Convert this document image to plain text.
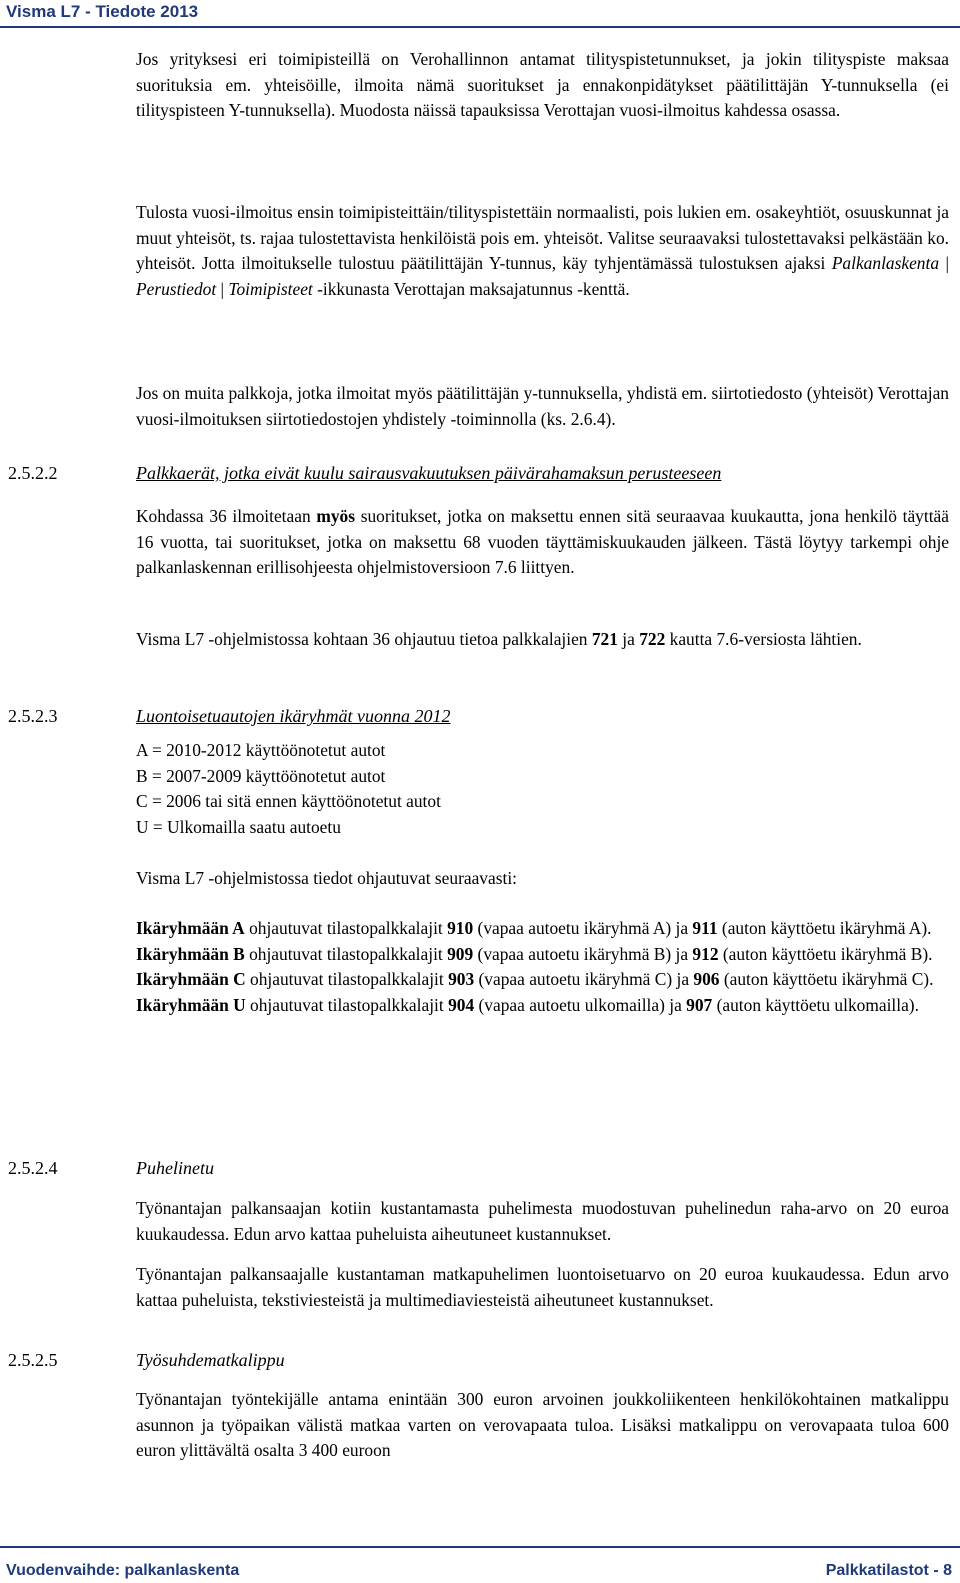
Visma L7 - Tiedote 2013
Jos yrityksesi eri toimipisteillä on Verohallinnon antamat tilityspistetunnukset, ja jokin tilityspiste maksaa suorituksia em. yhteisöille, ilmoita nämä suoritukset ja ennakonpidätykset päätilittäjän Y-tunnuksella (ei tilityspisteen Y-tunnuksella). Muodosta näissä tapauksissa Verottajan vuosi-ilmoitus kahdessa osassa.
Tulosta vuosi-ilmoitus ensin toimipisteittäin/tilityspistettäin normaalisti, pois lukien em. osakeyhtiöt, osuuskunnat ja muut yhteisöt, ts. rajaa tulostettavista henkilöistä pois em. yhteisöt. Valitse seuraavaksi tulostettavaksi pelkästään ko. yhteisöt. Jotta ilmoitukselle tulostuu päätilittäjän Y-tunnus, käy tyhjentämässä tulostuksen ajaksi Palkanlaskenta | Perustiedot | Toimipisteet -ikkunasta Verottajan maksajatunnus -kenttä.
Jos on muita palkkoja, jotka ilmoitat myös päätilittäjän y-tunnuksella, yhdistä em. siirtotiedosto (yhteisöt) Verottajan vuosi-ilmoituksen siirtotiedostojen yhdistely -toiminnolla (ks. 2.6.4).
2.5.2.2	Palkkaerät, jotka eivät kuulu sairausvakuutuksen päivärahamaksun perusteeseen
Kohdassa 36 ilmoitetaan myös suoritukset, jotka on maksettu ennen sitä seuraavaa kuukautta, jona henkilö täyttää 16 vuotta, tai suoritukset, jotka on maksettu 68 vuoden täyttämiskuukauden jälkeen. Tästä löytyy tarkempi ohje palkanlaskennan erillisohjeesta ohjelmistoversioon 7.6 liittyen.
Visma L7 -ohjelmistossa kohtaan 36 ohjautuu tietoa palkkalajien 721 ja 722 kautta 7.6-versiosta lähtien.
2.5.2.3	Luontoisetuautojen ikäryhmät vuonna 2012
A = 2010-2012 käyttöönotetut autot
B = 2007-2009 käyttöönotetut autot
C = 2006 tai sitä ennen käyttöönotetut autot
U = Ulkomailla saatu autoetu
Visma L7 -ohjelmistossa tiedot ohjautuvat seuraavasti:
Ikäryhmään A ohjautuvat tilastopalkkalajit 910 (vapaa autoetu ikäryhmä A) ja 911 (auton käyttöetu ikäryhmä A).
Ikäryhmään B ohjautuvat tilastopalkkalajit 909 (vapaa autoetu ikäryhmä B) ja 912 (auton käyttöetu ikäryhmä B).
Ikäryhmään C ohjautuvat tilastopalkkalajit 903 (vapaa autoetu ikäryhmä C) ja 906 (auton käyttöetu ikäryhmä C).
Ikäryhmään U ohjautuvat tilastopalkkalajit 904 (vapaa autoetu ulkomailla) ja 907 (auton käyttöetu ulkomailla).
2.5.2.4	Puhelinetu
Työnantajan palkansaajan kotiin kustantamasta puhelimesta muodostuvan puhelinedun raha-arvo on 20 euroa kuukaudessa. Edun arvo kattaa puheluista aiheutuneet kustannukset.
Työnantajan palkansaajalle kustantaman matkapuhelimen luontoisetuarvo on 20 euroa kuukaudessa. Edun arvo kattaa puheluista, tekstiviesteistä ja multimediaviesteistä aiheutuneet kustannukset.
2.5.2.5	Työsuhdematkalippu
Työnantajan työntekijälle antama enintään 300 euron arvoinen joukkoliikenteen henkilökohtainen matkalippu asunnon ja työpaikan välistä matkaa varten on verovapaata tuloa. Lisäksi matkalippu on verovapaata tuloa 600 euron ylittävältä osalta 3 400 euroon
Vuodenvaihde: palkanlaskenta	Palkkatilastot - 8
